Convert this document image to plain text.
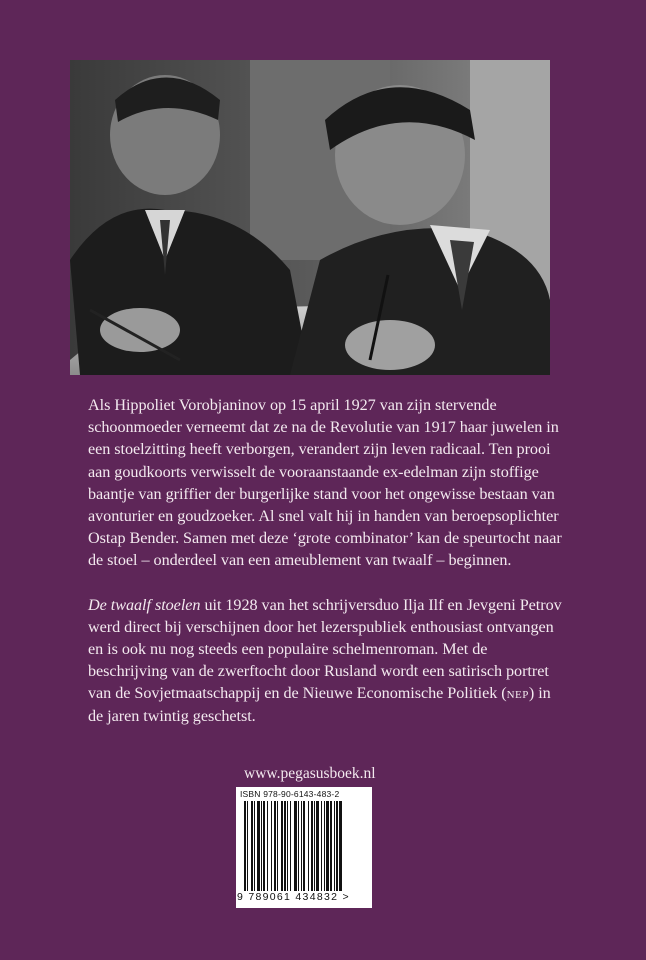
Als Hippoliet Vorobjaninov op 15 april 1927 van zijn stervende schoonmoeder verneemt dat ze na de Revolutie van 1917 haar juwelen in een stoelzitting heeft verborgen, verandert zijn leven radicaal. Ten prooi aan goudkoorts verwisselt de vooraanstaande ex-edelman zijn stoffige baantje van griffier der burgerlijke stand voor het ongewisse bestaan van avonturier en goudzoeker. Al snel valt hij in handen van beroepsoplichter Ostap Bender. Samen met deze ‘grote combinator’ kan de speurtocht naar de stoel – onderdeel van een ameublement van twaalf – beginnen.

De twaalf stoelen uit 1928 van het schrijversduo Ilja Ilf en Jevgeni Petrov werd direct bij verschijnen door het lezerspubliek enthousiast ontvangen en is ook nu nog steeds een populaire schelmenroman. Met de beschrijving van de zwerftocht door Rusland wordt een satirisch portret van de Sovjetmaatschappij en de Nieuwe Economische Politiek (nep) in de jaren twintig geschetst.

www.pegasusboek.nl
ISBN 978-90-6143-483-2
9 789061 434832 >
